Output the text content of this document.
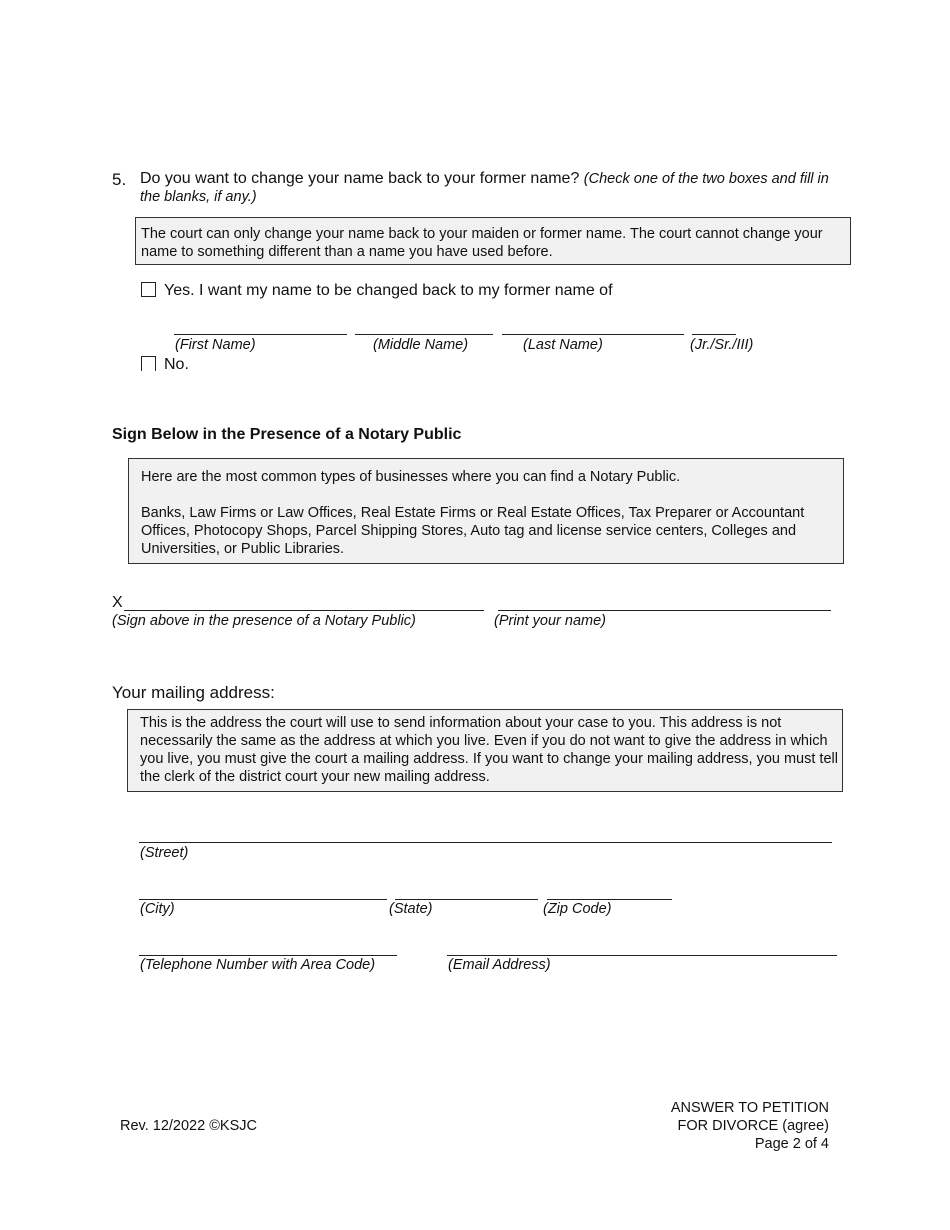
5. Do you want to change your name back to your former name? (Check one of the two boxes and fill in the blanks, if any.)
The court can only change your name back to your maiden or former name. The court cannot change your name to something different than a name you have used before.
Yes. I want my name to be changed back to my former name of
(First Name)	(Middle Name)	(Last Name)	(Jr./Sr./III)
No.
Sign Below in the Presence of a Notary Public

Here are the most common types of businesses where you can find a Notary Public.

Banks, Law Firms or Law Offices, Real Estate Firms or Real Estate Offices, Tax Preparer or Accountant Offices, Photocopy Shops, Parcel Shipping Stores, Auto tag and license service centers, Colleges and Universities, or Public Libraries.

X
(Sign above in the presence of a Notary Public)	(Print your name)
Your mailing address:
This is the address the court will use to send information about your case to you. This address is not necessarily the same as the address at which you live. Even if you do not want to give the address in which you live, you must give the court a mailing address. If you want to change your mailing address, you must tell the clerk of the district court your new mailing address.
(Street)
(City)	(State)	(Zip Code)
(Telephone Number with Area Code)	(Email Address)
Rev. 12/2022 ©KSJC
ANSWER TO PETITION
FOR DIVORCE (agree)
Page 2 of 4
